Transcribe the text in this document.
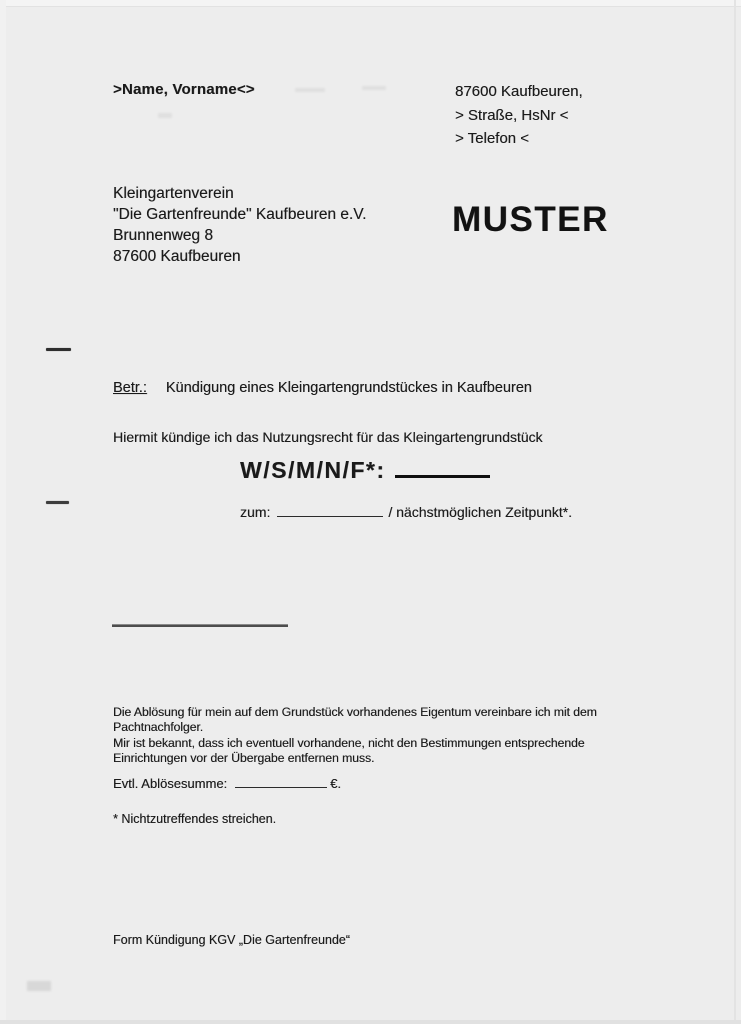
>Name, Vorname<>	87600 Kaufbeuren,
> Straße, HsNr <
> Telefon <
Kleingartenverein
"Die Gartenfreunde" Kaufbeuren e.V.
Brunnenweg 8
87600 Kaufbeuren
MUSTER
Betr.: Kündigung eines Kleingartengrundstückes in Kaufbeuren
Hiermit kündige ich das Nutzungsrecht für das Kleingartengrundstück
W/S/M/N/F*:
zum:	/ nächstmöglichen Zeitpunkt*.
Die Ablösung für mein auf dem Grundstück vorhandenes Eigentum vereinbare ich mit dem
Pachtnachfolger.
Mir ist bekannt, dass ich eventuell vorhandene, nicht den Bestimmungen entsprechende
Einrichtungen vor der Übergabe entfernen muss.
Evtl. Ablösesumme:	€.
* Nichtzutreffendes streichen.
Form Kündigung KGV „Die Gartenfreunde“
